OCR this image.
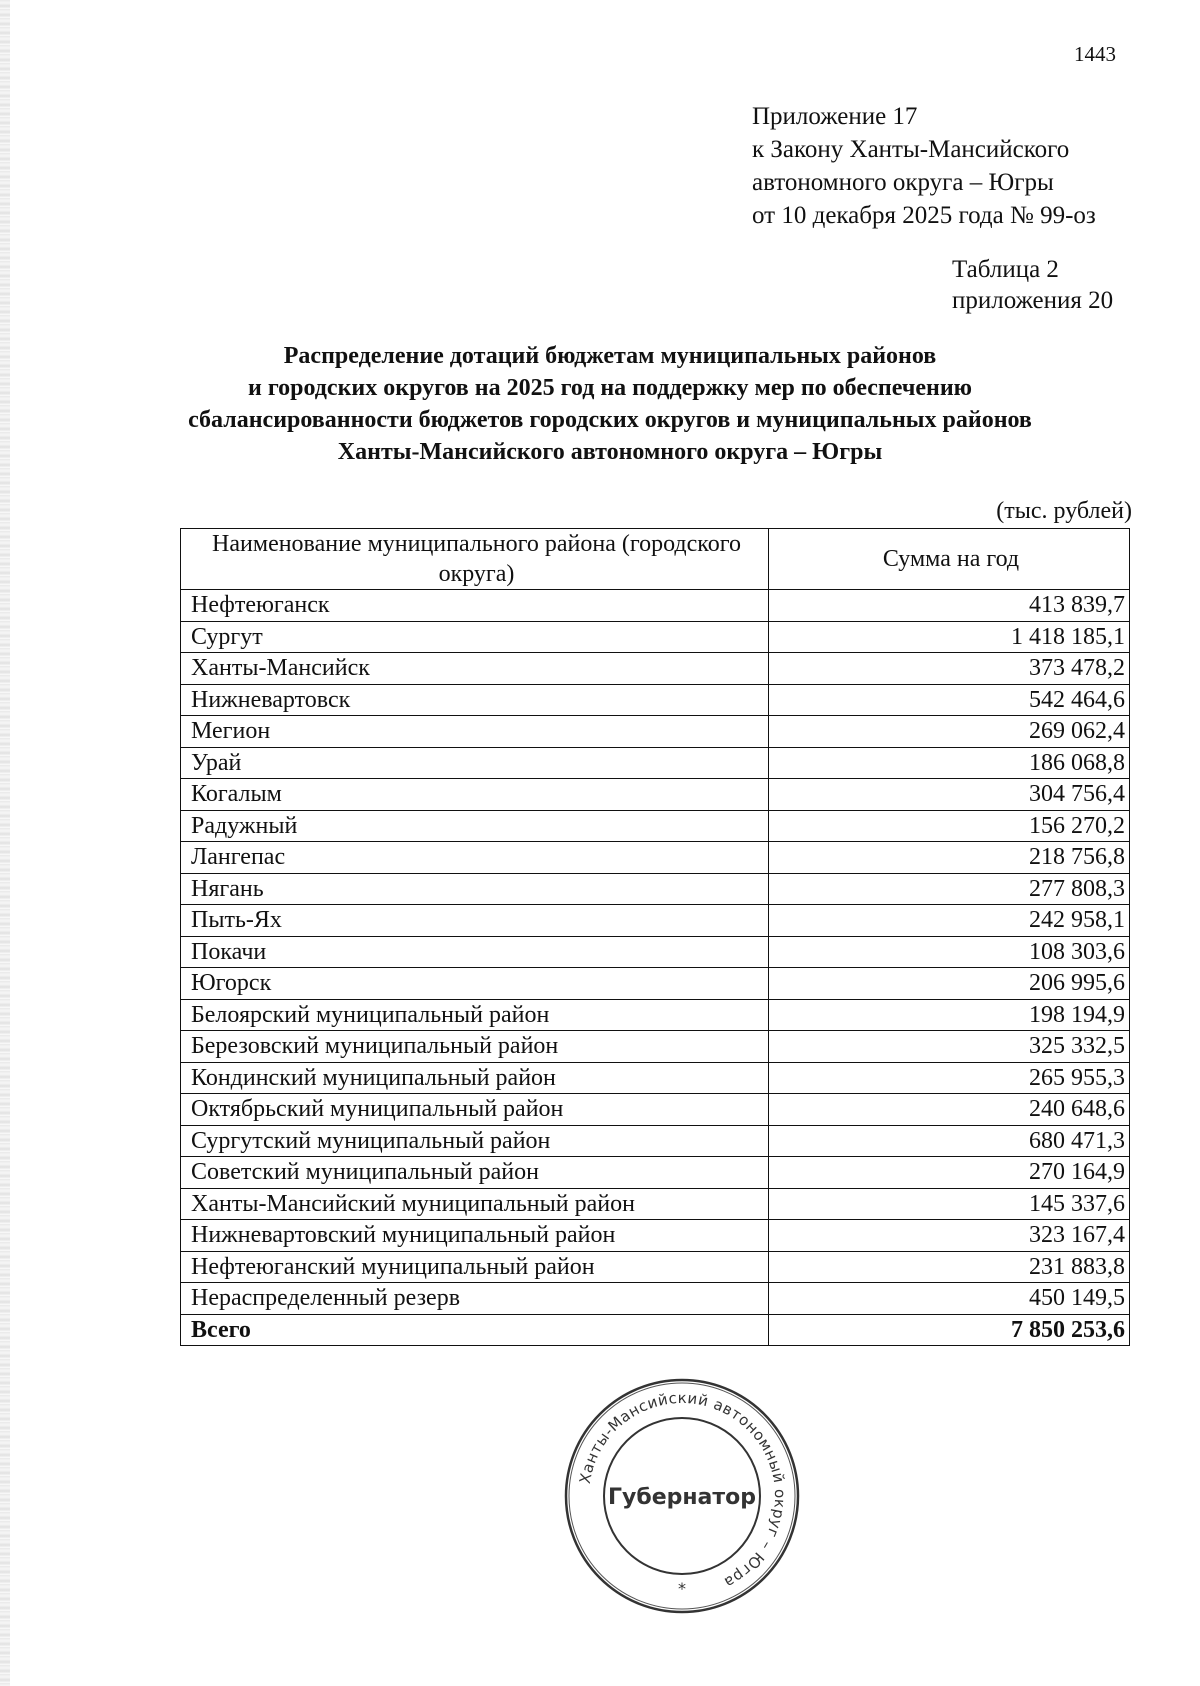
1443
Приложение 17
к Закону Ханты-Мансийского
автономного округа – Югры
от 10 декабря 2025 года № 99-оз
Таблица 2
приложения 20
Распределение дотаций бюджетам муниципальных районов
и городских округов на 2025 год на поддержку мер по обеспечению
сбалансированности бюджетов городских округов и муниципальных районов
Ханты-Мансийского автономного округа – Югры
(тыс. рублей)
Наименование муниципального района (городского округа)	Сумма на год
Нефтеюганск	413 839,7
Сургут	1 418 185,1
Ханты-Мансийск	373 478,2
Нижневартовск	542 464,6
Мегион	269 062,4
Урай	186 068,8
Когалым	304 756,4
Радужный	156 270,2
Лангепас	218 756,8
Нягань	277 808,3
Пыть-Ях	242 958,1
Покачи	108 303,6
Югорск	206 995,6
Белоярский муниципальный район	198 194,9
Березовский муниципальный район	325 332,5
Кондинский муниципальный район	265 955,3
Октябрьский муниципальный район	240 648,6
Сургутский муниципальный район	680 471,3
Советский муниципальный район	270 164,9
Ханты-Мансийский муниципальный район	145 337,6
Нижневартовский муниципальный район	323 167,4
Нефтеюганский муниципальный район	231 883,8
Нераспределенный резерв	450 149,5
Всего	7 850 253,6
Ханты-Мансийский автономный округ – Югра
Губернатор
*
